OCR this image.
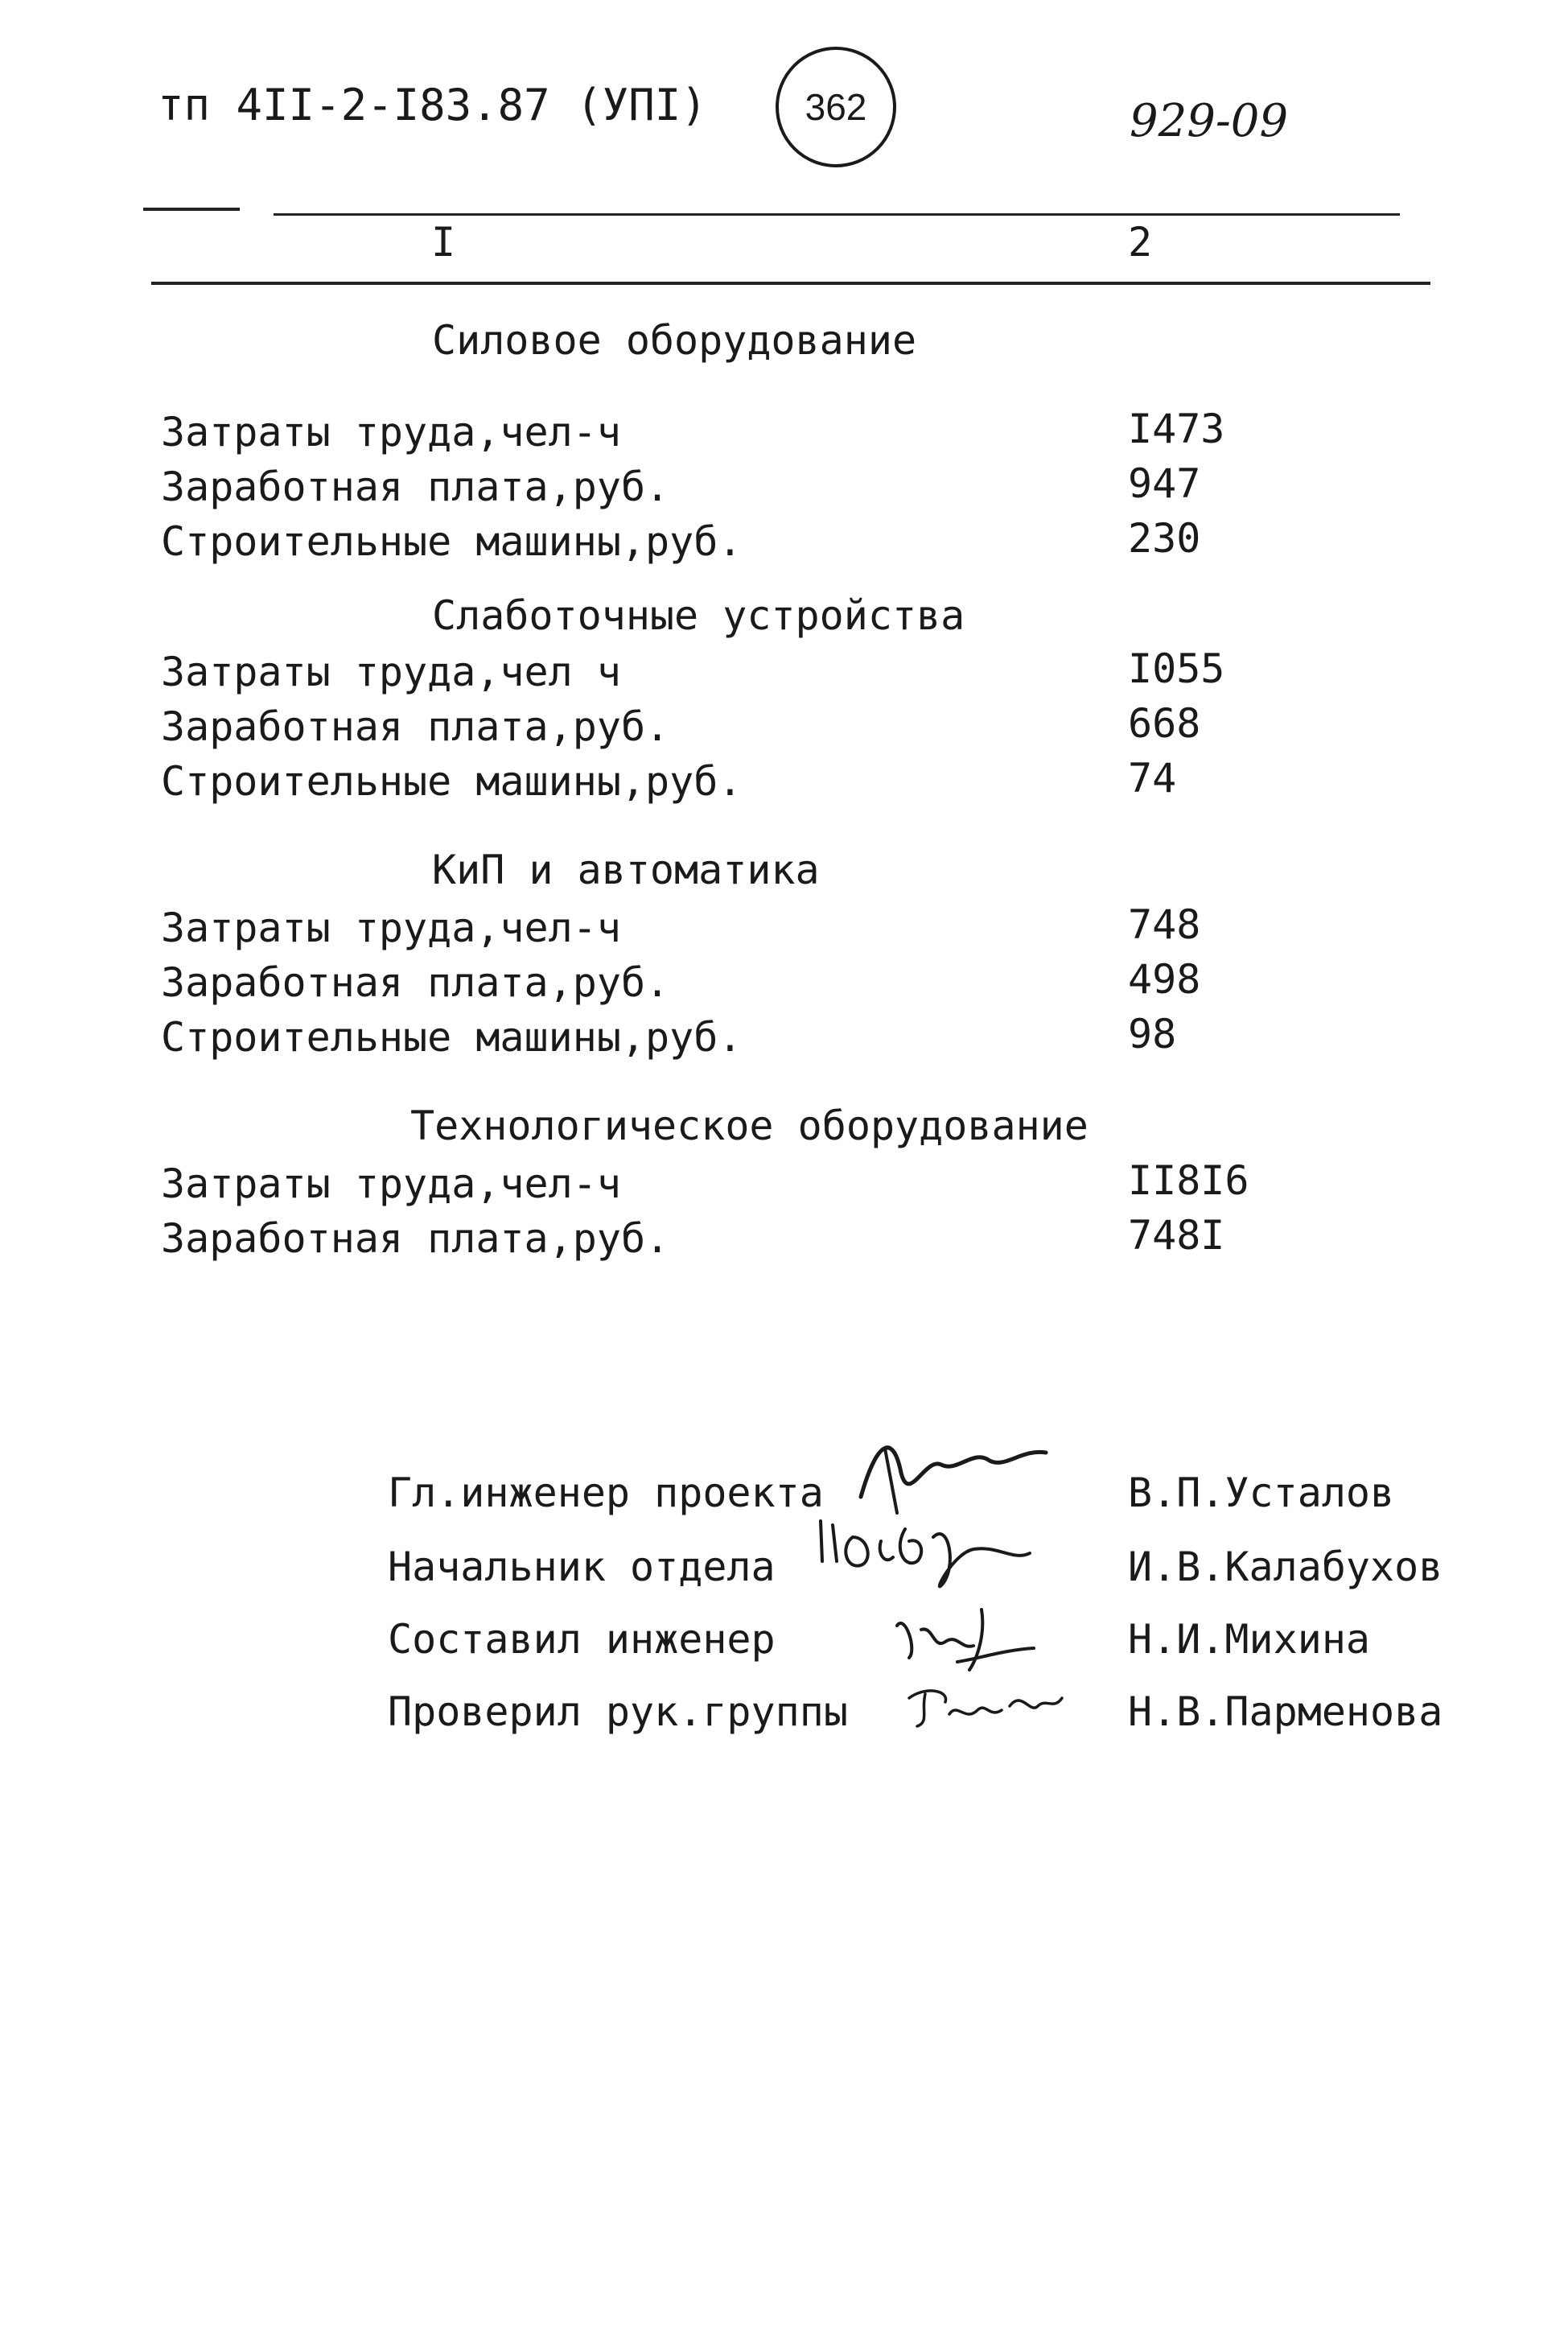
тп 4II-2-I83.87 (УПI)	362	929-09
I	2
Силовое оборудование
Затраты труда,чел-ч	I473
Заработная плата,руб.	947
Строительные машины,руб.	230
Слаботочные устройства
Затраты труда,чел ч	I055
Заработная плата,руб.	668
Строительные машины,руб.	74
КиП и автоматика
Затраты труда,чел-ч	748
Заработная плата,руб.	498
Строительные машины,руб.	98
Технологическое оборудование
Затраты труда,чел-ч	II8I6
Заработная плата,руб.	748I
Гл.инженер проекта	В.П.Усталов
Начальник отдела	И.В.Калабухов
Составил инженер	Н.И.Михина
Проверил рук.группы	Н.В.Парменова
